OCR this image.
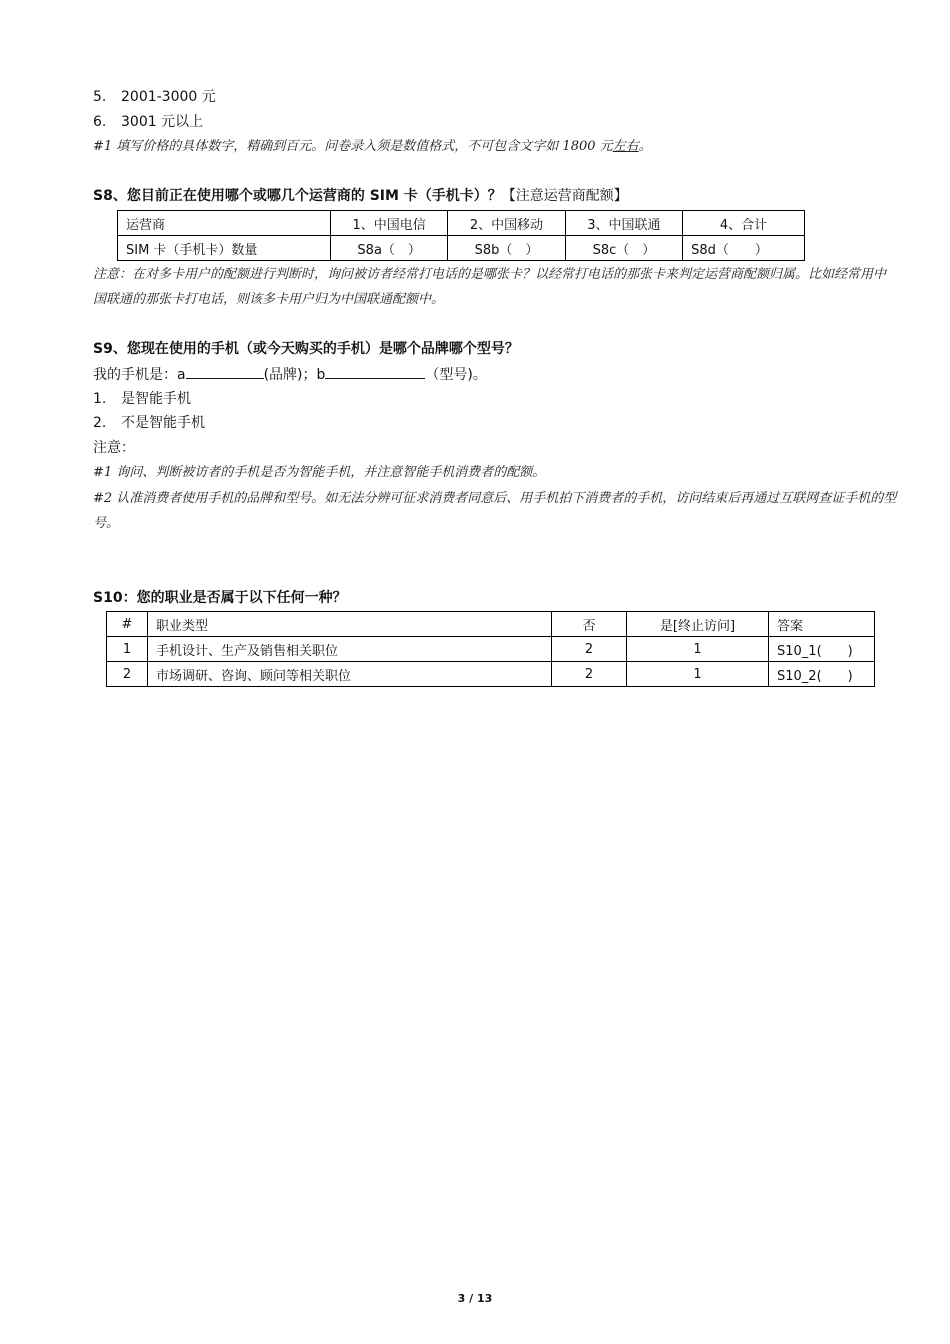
5. 2001-3000 元
6. 3001 元以上
#1 填写价格的具体数字，精确到百元。问卷录入须是数值格式，不可包含文字如 1800 元左右。
S8、您目前正在使用哪个或哪几个运营商的 SIM 卡（手机卡）？【注意运营商配额】
运营商	1、中国电信	2、中国移动	3、中国联通	4、合计
SIM 卡（手机卡）数量	S8a（　）	S8b（　）	S8c（　）	S8d（　　）
注意：在对多卡用户的配额进行判断时，询问被访者经常打电话的是哪张卡？以经常打电话的那张卡来判定运营商配额归属。比如经常用中国联通的那张卡打电话，则该多卡用户归为中国联通配额中。
S9、您现在使用的手机（或今天购买的手机）是哪个品牌哪个型号？
我的手机是：a	(品牌)；b	（型号)。
1. 是智能手机
2. 不是智能手机
注意：
#1 询问、判断被访者的手机是否为智能手机，并注意智能手机消费者的配额。
#2 认准消费者使用手机的品牌和型号。如无法分辨可征求消费者同意后、用手机拍下消费者的手机，访问结束后再通过互联网查证手机的型号。
S10：您的职业是否属于以下任何一种？
#	职业类型	否	是[终止访问]	答案
1	手机设计、生产及销售相关职位	2	1	S10_1(　　)
2	市场调研、咨询、顾问等相关职位	2	1	S10_2(　　)
3 / 13
